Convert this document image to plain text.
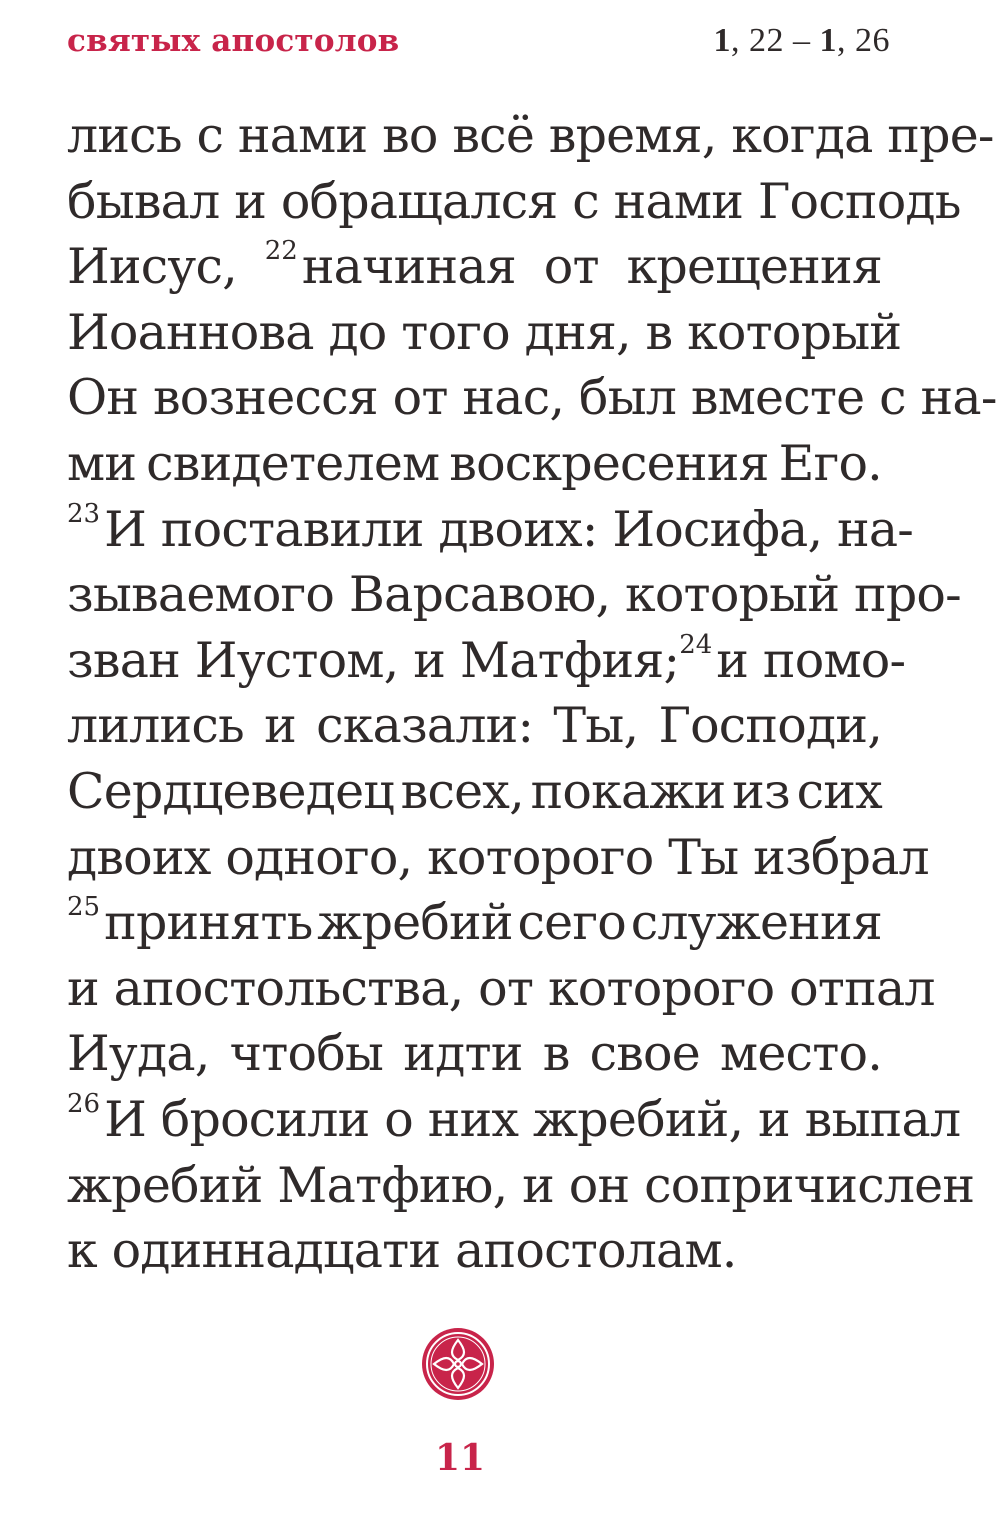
святых апостолов	1, 22 – 1, 26
лись с нами во всё время, когда пре-
бывал и обращался с нами Господь
Иисус, $^{22}$начиная от крещения
Иоаннова до того дня, в который
Он вознесся от нас, был вместе с на-
ми свидетелем воскресения Его.
$^{23}$И поставили двоих: Иосифа, на-
зываемого Варсавою, который про-
зван Иустом, и Матфия; $^{24}$и помо-
лились и сказали: Ты, Господи,
Сердцеведец всех, покажи из сих
двоих одного, которого Ты избрал
$^{25}$принять жребий сего служения
и апостольства, от которого отпал
Иуда, чтобы идти в свое место.
$^{26}$И бросили о них жребий, и выпал
жребий Матфию, и он сопричислен
к одиннадцати апостолам.
11
